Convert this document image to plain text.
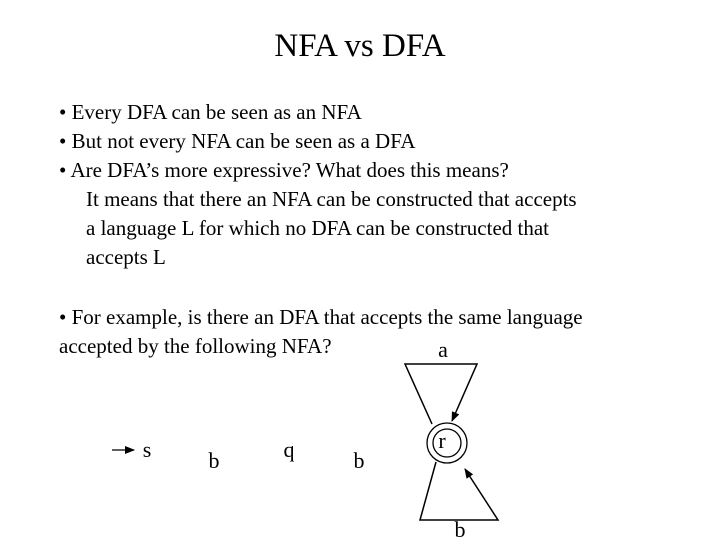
NFA vs DFA
• Every DFA can be seen as an NFA
• But not every NFA can be seen as a DFA
• Are DFA’s more expressive? What does this means?
It means that there an NFA can be constructed that accepts
a language L for which no DFA can be constructed that
accepts L
• For example, is there an DFA that accepts the same language
accepted by the following NFA?
s	b	q	b
r
a
b
